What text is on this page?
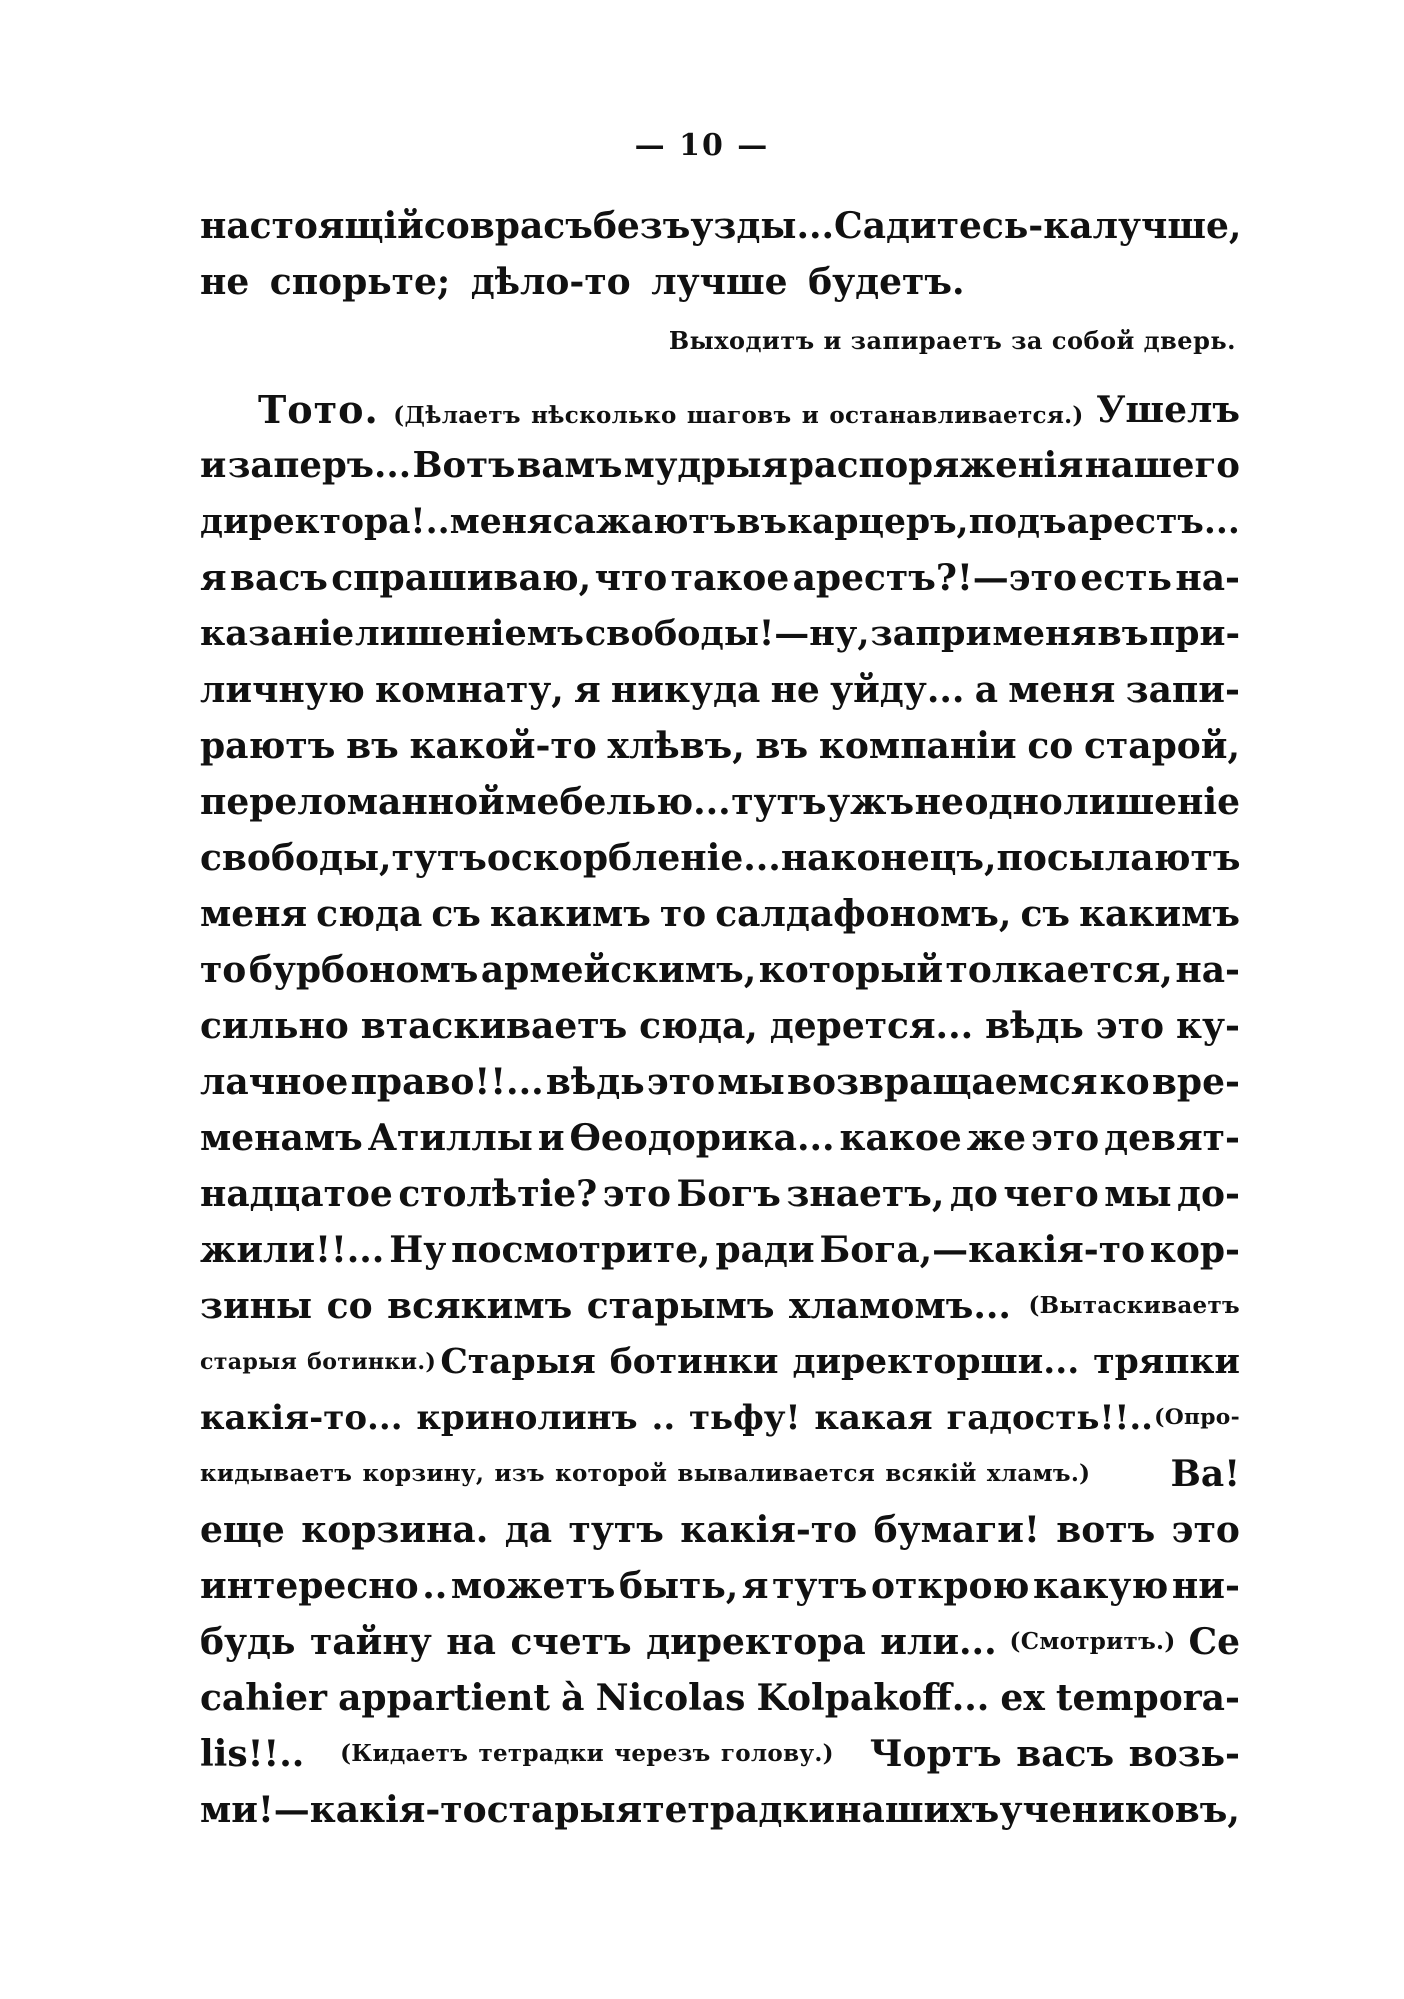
— 10 —
настоящій соврасъ безъ узды... Садитесь-ка лучше,
не спорьте; дѣло-то лучше будетъ.
Выходитъ и запираетъ за собой дверь.
Тото. (Дѣлаетъ нѣсколько шаговъ и останавливается.) Ушелъ
и заперъ... Вотъ вамъ мудрыя распоряженія нашего
директора!.. меня сажаютъ въ карцеръ, подъ арестъ...
я васъ спрашиваю, что такое арестъ?!—это есть на-
казаніе лишеніемъ свободы!—ну, запри меня въ при-
личную комнату, я никуда не уйду... а меня запи-
раютъ въ какой-то хлѣвъ, въ компаніи со старой,
переломанной мебелью... тутъ ужъ не одно лишеніе
свободы, тутъ оскорбленіе... наконецъ, посылаютъ
меня сюда съ какимъ то салдафономъ, съ какимъ
то бурбономъ армейскимъ, который толкается, на-
сильно втаскиваетъ сюда, дерется... вѣдь это ку-
лачное право!!... вѣдь это мы возвращаемся ко вре-
менамъ Атиллы и Ѳеодорика... какое же это девят-
надцатое столѣтіе? это Богъ знаетъ, до чего мы до-
жили!!... Ну посмотрите, ради Бога,—какія-то кор-
зины со всякимъ старымъ хламомъ... (Вытаскиваетъ
старыя ботинки.) Старыя ботинки директорши... тряпки
какія-то... кринолинъ .. тьфу! какая гадость!!.. (Опро-
кидываетъ корзину, изъ которой вываливается всякій хламъ.) Ва!
еще корзина. да тутъ какія-то бумаги! вотъ это
интересно .. можетъ быть, я тутъ открою какую ни-
будь тайну на счетъ директора или... (Смотритъ.) Ce
cahier appartient à Nicolas Kolpakoff... ex tempora-
lis!!.. (Кидаетъ тетрадки черезъ голову.) Чортъ васъ возь-
ми!—какія-то старыя тетрадки нашихъ учениковъ,
